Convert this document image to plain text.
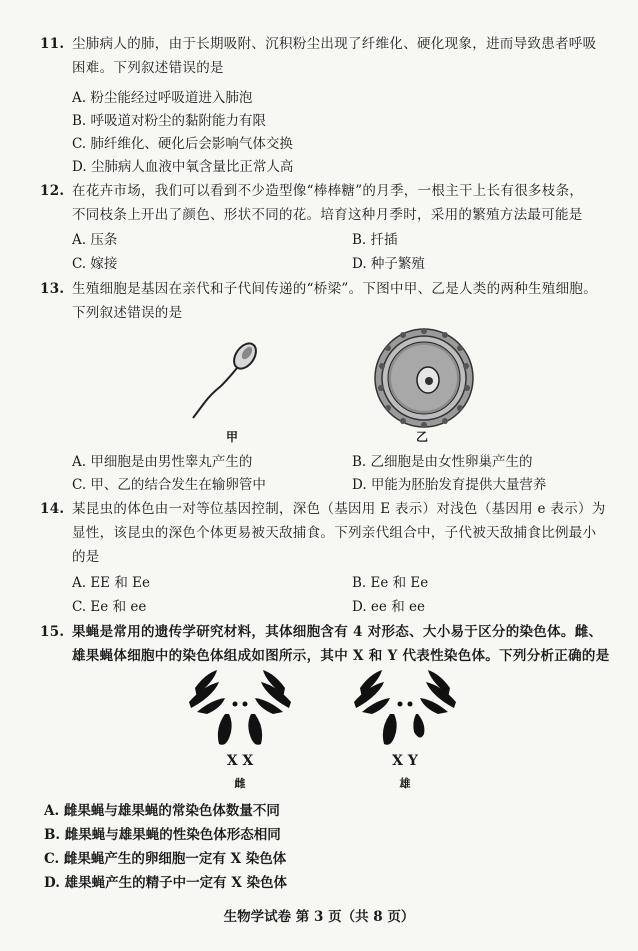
11. 尘肺病人的肺，由于长期吸附、沉积粉尘出现了纤维化、硬化现象，进而导致患者呼吸
困难。下列叙述错误的是
A. 粉尘能经过呼吸道进入肺泡
B. 呼吸道对粉尘的黏附能力有限
C. 肺纤维化、硬化后会影响气体交换
D. 尘肺病人血液中氧含量比正常人高
12. 在花卉市场，我们可以看到不少造型像“棒棒糖”的月季，一根主干上长有很多枝条，
不同枝条上开出了颜色、形状不同的花。培育这种月季时，采用的繁殖方法最可能是
A. 压条	B. 扦插
C. 嫁接	D. 种子繁殖
13. 生殖细胞是基因在亲代和子代间传递的“桥梁”。下图中甲、乙是人类的两种生殖细胞。
下列叙述错误的是
甲	乙
A. 甲细胞是由男性睾丸产生的	B. 乙细胞是由女性卵巢产生的
C. 甲、乙的结合发生在输卵管中	D. 甲能为胚胎发育提供大量营养
14. 某昆虫的体色由一对等位基因控制，深色（基因用 E 表示）对浅色（基因用 e 表示）为
显性，该昆虫的深色个体更易被天敌捕食。下列亲代组合中，子代被天敌捕食比例最小
的是
A. EE 和 Ee	B. Ee 和 Ee
C. Ee 和 ee	D. ee 和 ee
15. 果蝇是常用的遗传学研究材料，其体细胞含有 4 对形态、大小易于区分的染色体。雌、
雄果蝇体细胞中的染色体组成如图所示，其中 X 和 Y 代表性染色体。下列分析正确的是
X X
雌
X Y
雄
A. 雌果蝇与雄果蝇的常染色体数量不同
B. 雌果蝇与雄果蝇的性染色体形态相同
C. 雌果蝇产生的卵细胞一定有 X 染色体
D. 雄果蝇产生的精子中一定有 X 染色体
生物学试卷 第 3 页（共 8 页）
